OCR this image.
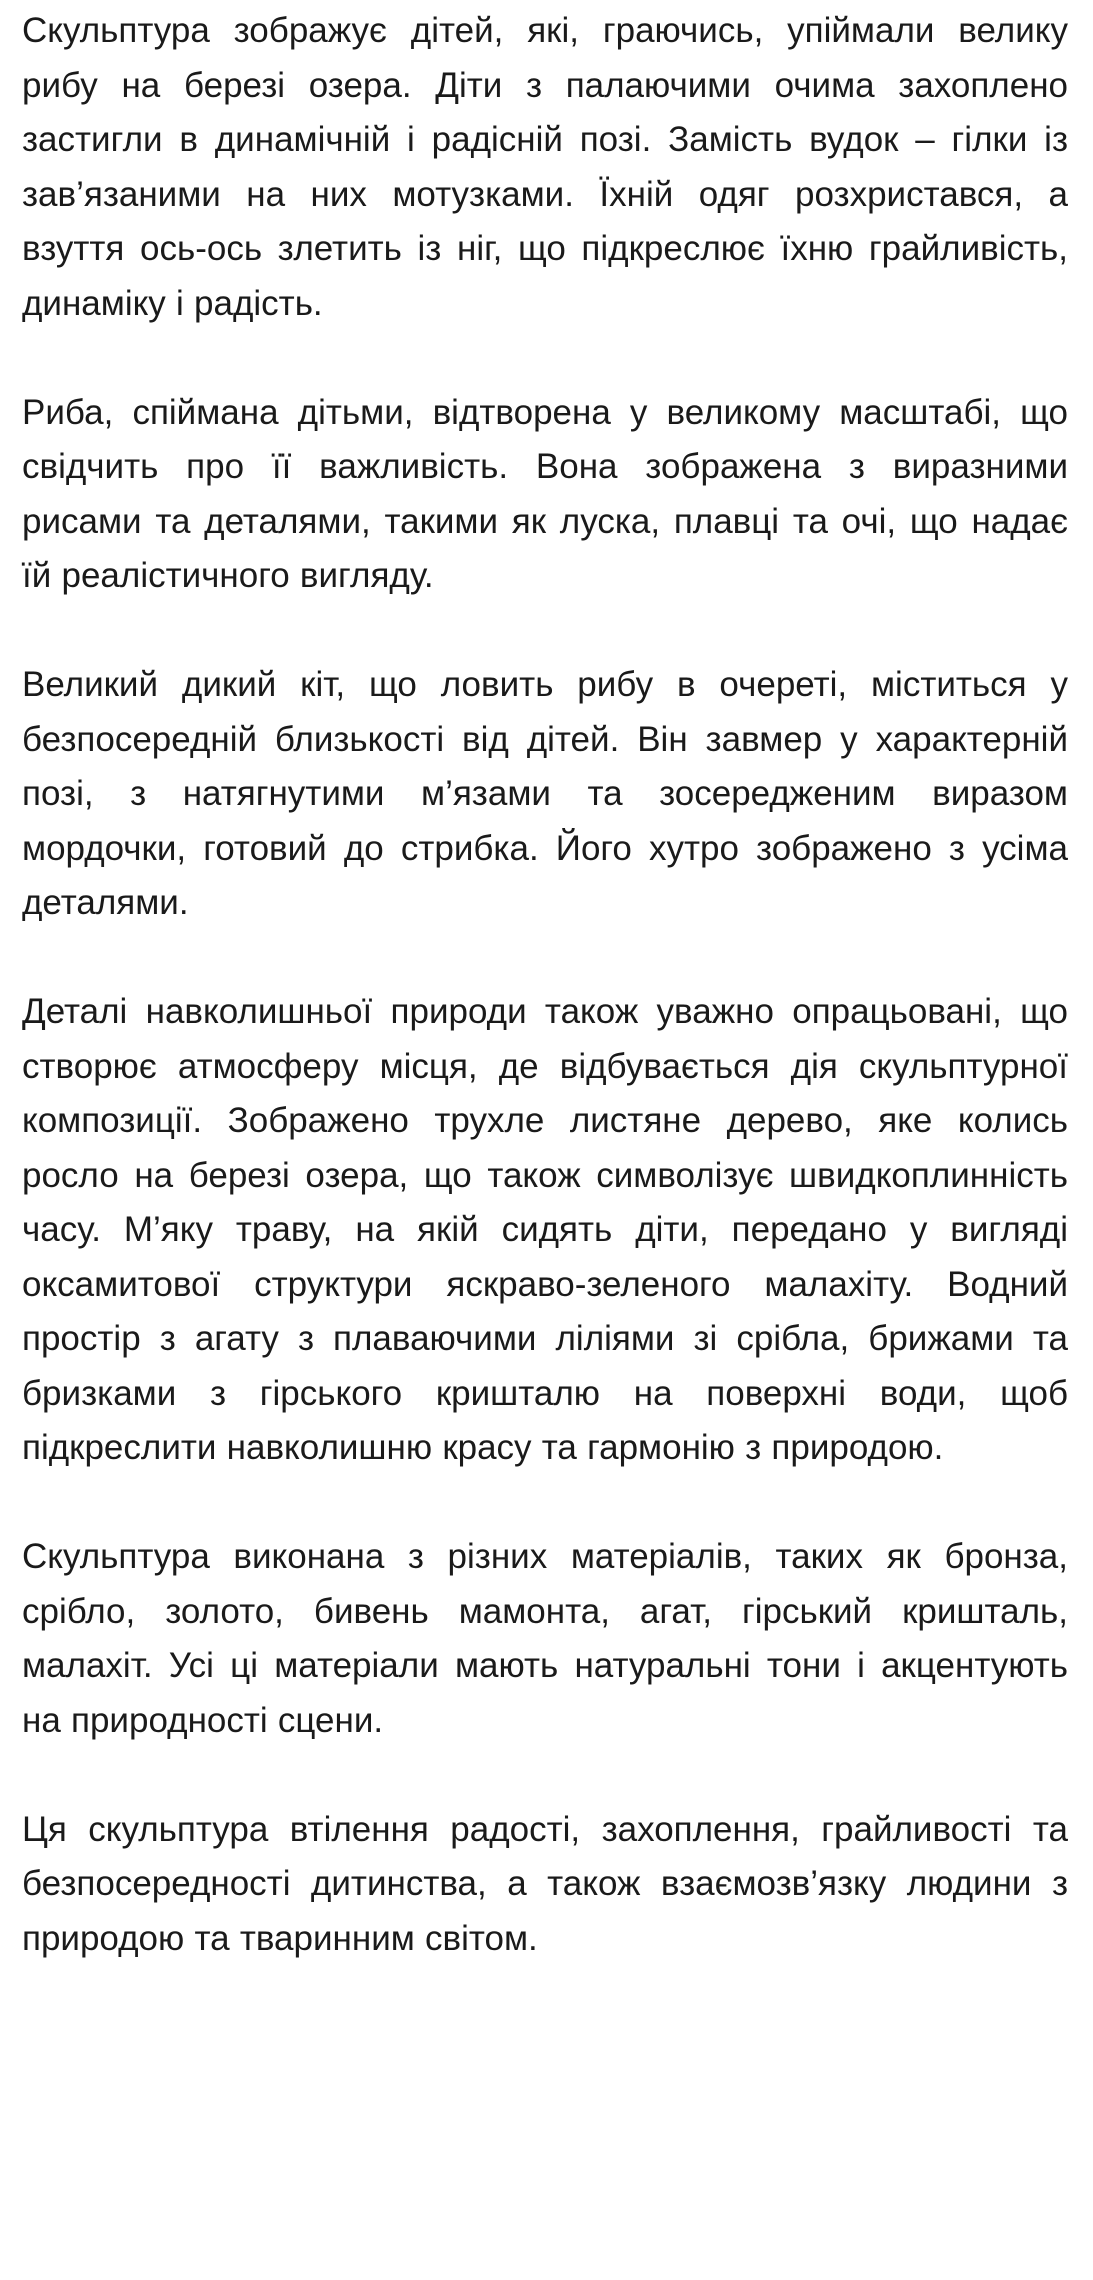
Скульптура зображує дітей, які, граючись, упіймали велику рибу на березі озера. Діти з палаючими очима захоплено застигли в динамічній і радісній позі. Замість вудок – гілки із зав’язаними на них мотузками. Їхній одяг розхристався, а взуття ось-ось злетить із ніг, що підкреслює їхню грайливість, динаміку і радість.

Риба, спіймана дітьми, відтворена у великому масштабі, що свідчить про її важливість. Вона зображена з виразними рисами та деталями, такими як луска, плавці та очі, що надає їй реалістичного вигляду.

Великий дикий кіт, що ловить рибу в очереті, міститься у безпосередній близькості від дітей. Він завмер у характерній позі, з натягнутими м’язами та зосередженим виразом мордочки, готовий до стрибка. Його хутро зображено з усіма деталями.

Деталі навколишньої природи також уважно опрацьовані, що створює атмосферу місця, де відбувається дія скульптурної композиції. Зображено трухле листяне дерево, яке колись росло на березі озера, що також символізує швидкоплинність часу. М’яку траву, на якій сидять діти, передано у вигляді оксамитової структури яскраво-зеленого малахіту. Водний простір з агату з плаваючими ліліями зі срібла, брижами та бризками з гірського кришталю на поверхні води, щоб підкреслити навколишню красу та гармонію з природою.

Скульптура виконана з різних матеріалів, таких як бронза, срібло, золото, бивень мамонта, агат, гірський кришталь, малахіт. Усі ці матеріали мають натуральні тони і акцентують на природності сцени.

Ця скульптура втілення радості, захоплення, грайливості та безпосередності дитинства, а також взаємозв’язку людини з природою та тваринним світом.
